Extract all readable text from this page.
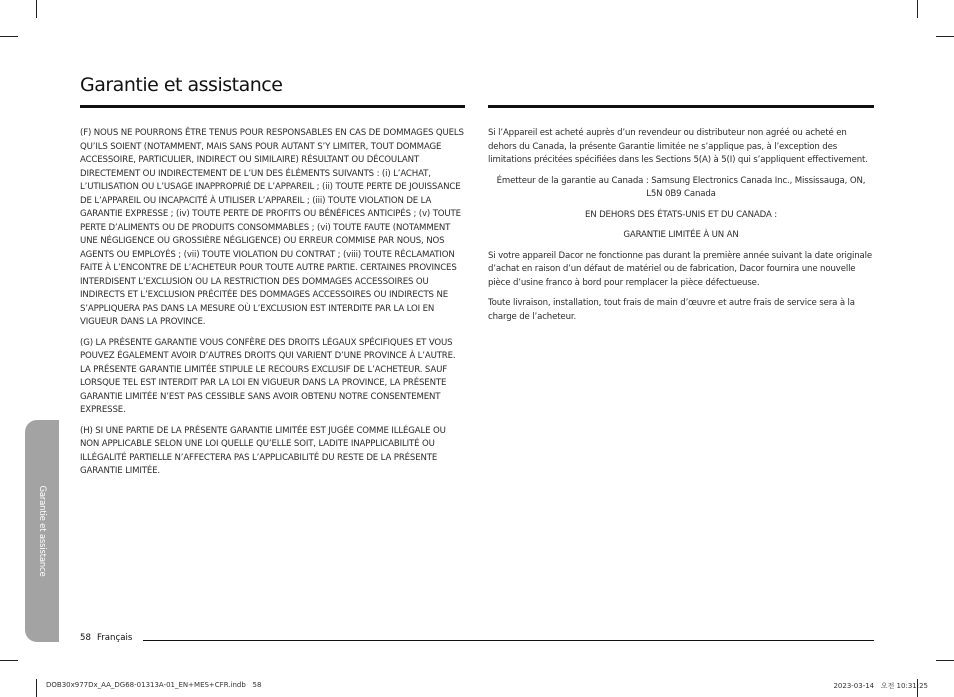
Garantie et assistance

(F) NOUS NE POURRONS ÊTRE TENUS POUR RESPONSABLES EN CAS DE DOMMAGES QUELS QU’ILS SOIENT (NOTAMMENT, MAIS SANS POUR AUTANT S’Y LIMITER, TOUT DOMMAGE ACCESSOIRE, PARTICULIER, INDIRECT OU SIMILAIRE) RÉSULTANT OU DÉCOULANT DIRECTEMENT OU INDIRECTEMENT DE L’UN DES ÉLÉMENTS SUIVANTS : (i) L’ACHAT, L’UTILISATION OU L’USAGE INAPPROPRIÉ DE L’APPAREIL ; (ii) TOUTE PERTE DE JOUISSANCE DE L’APPAREIL OU INCAPACITÉ À UTILISER L’APPAREIL ; (iii) TOUTE VIOLATION DE LA GARANTIE EXPRESSE ; (iv) TOUTE PERTE DE PROFITS OU BÉNÉFICES ANTICIPÉS ; (v) TOUTE PERTE D’ALIMENTS OU DE PRODUITS CONSOMMABLES ; (vi) TOUTE FAUTE (NOTAMMENT UNE NÉGLIGENCE OU GROSSIÈRE NÉGLIGENCE) OU ERREUR COMMISE PAR NOUS, NOS AGENTS OU EMPLOYÉS ; (vii) TOUTE VIOLATION DU CONTRAT ; (viii) TOUTE RÉCLAMATION FAITE À L’ENCONTRE DE L’ACHETEUR POUR TOUTE AUTRE PARTIE. CERTAINES PROVINCES INTERDISENT L’EXCLUSION OU LA RESTRICTION DES DOMMAGES ACCESSOIRES OU INDIRECTS ET L’EXCLUSION PRÉCITÉE DES DOMMAGES ACCESSOIRES OU INDIRECTS NE S’APPLIQUERA PAS DANS LA MESURE OÙ L’EXCLUSION EST INTERDITE PAR LA LOI EN VIGUEUR DANS LA PROVINCE.

(G) LA PRÉSENTE GARANTIE VOUS CONFÈRE DES DROITS LÉGAUX SPÉCIFIQUES ET VOUS POUVEZ ÉGALEMENT AVOIR D’AUTRES DROITS QUI VARIENT D’UNE PROVINCE À L’AUTRE. LA PRÉSENTE GARANTIE LIMITÉE STIPULE LE RECOURS EXCLUSIF DE L’ACHETEUR. SAUF LORSQUE TEL EST INTERDIT PAR LA LOI EN VIGUEUR DANS LA PROVINCE, LA PRÉSENTE GARANTIE LIMITÉE N’EST PAS CESSIBLE SANS AVOIR OBTENU NOTRE CONSENTEMENT EXPRESSE.

(H) SI UNE PARTIE DE LA PRÉSENTE GARANTIE LIMITÉE EST JUGÉE COMME ILLÉGALE OU NON APPLICABLE SELON UNE LOI QUELLE QU’ELLE SOIT, LADITE INAPPLICABILITÉ OU ILLÉGALITÉ PARTIELLE N’AFFECTERA PAS L’APPLICABILITÉ DU RESTE DE LA PRÉSENTE GARANTIE LIMITÉE.

Si l’Appareil est acheté auprès d’un revendeur ou distributeur non agréé ou acheté en dehors du Canada, la présente Garantie limitée ne s’applique pas, à l’exception des limitations précitées spécifiées dans les Sections 5(A) à 5(I) qui s’appliquent effectivement.

Émetteur de la garantie au Canada : Samsung Electronics Canada Inc., Mississauga, ON, L5N 0B9 Canada

EN DEHORS DES ÉTATS-UNIS ET DU CANADA :

GARANTIE LIMITÉE À UN AN

Si votre appareil Dacor ne fonctionne pas durant la première année suivant la date originale d’achat en raison d’un défaut de matériel ou de fabrication, Dacor fournira une nouvelle pièce d’usine franco à bord pour remplacer la pièce défectueuse.

Toute livraison, installation, tout frais de main d’œuvre et autre frais de service sera à la charge de l’acheteur.

Garantie et assistance
58 Français
DOB30x977Dx_AA_DG68-01313A-01_EN+MES+CFR.indb   58	2023-03-14   오전 10:31:25
